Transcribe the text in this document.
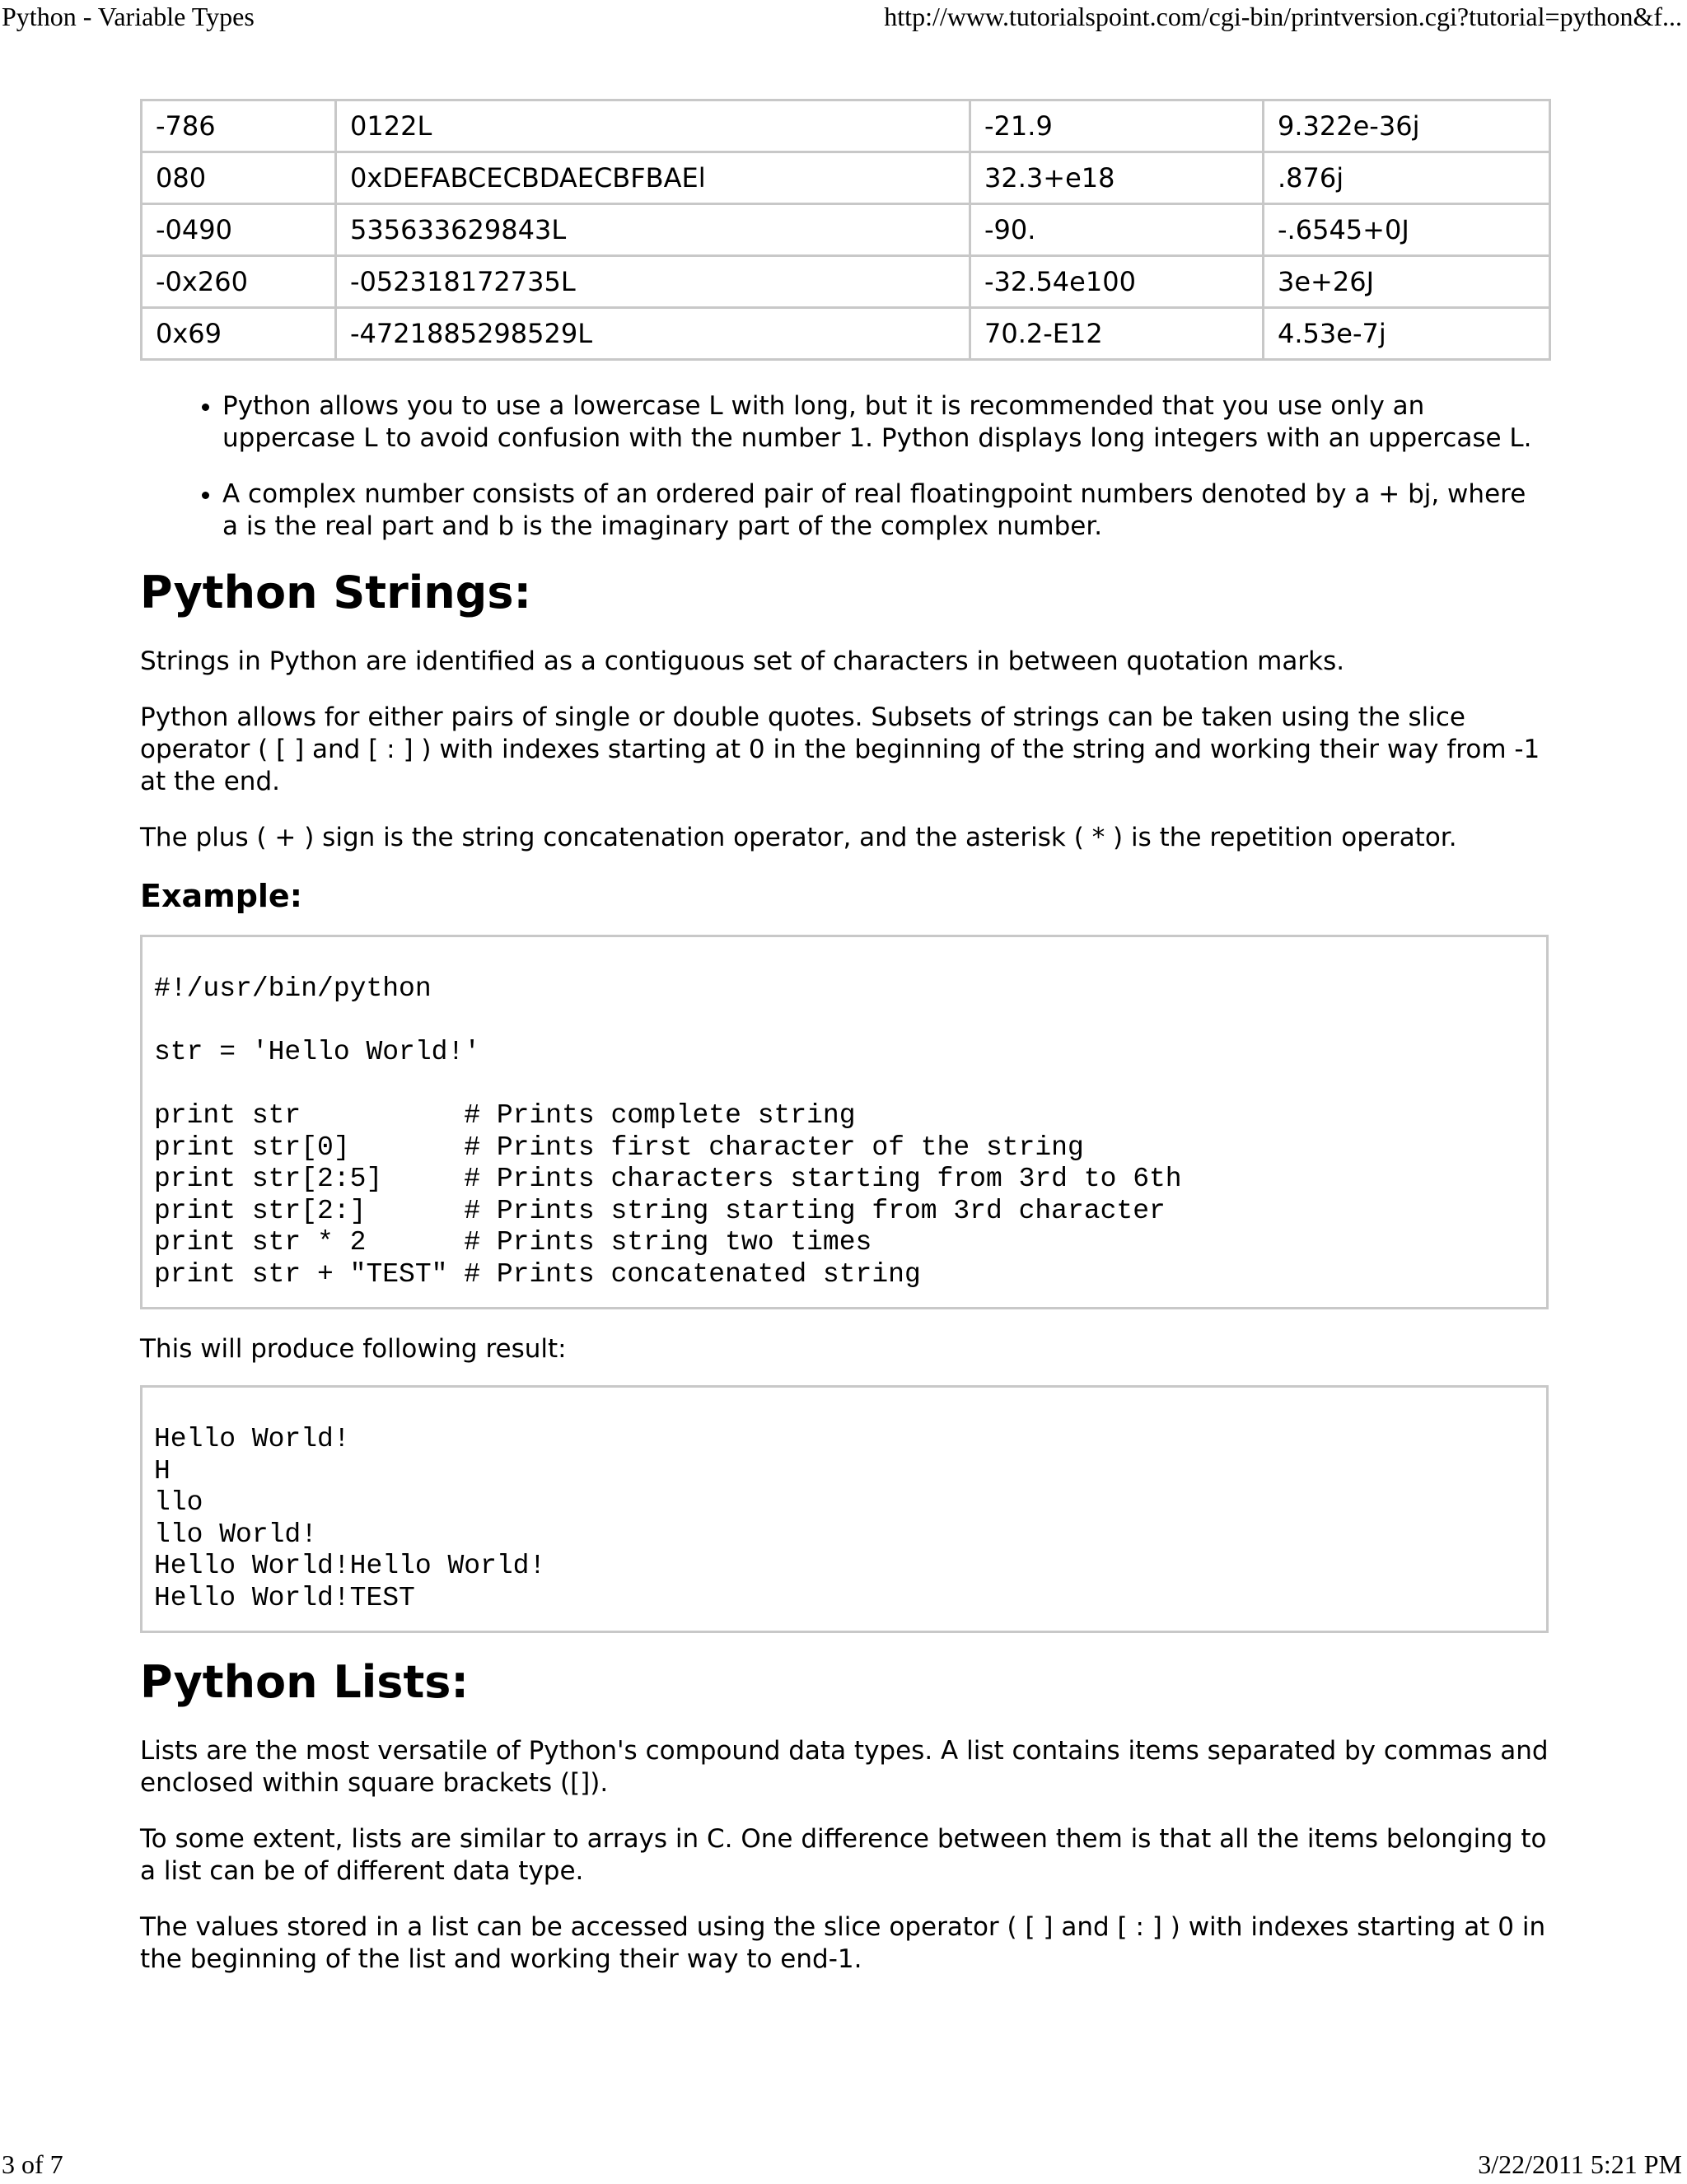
Python - Variable Types	http://www.tutorialspoint.com/cgi-bin/printversion.cgi?tutorial=python&f...
-786	0122L	-21.9	9.322e-36j
080	0xDEFABCECBDAECBFBAEl	32.3+e18	.876j
-0490	535633629843L	-90.	-.6545+0J
-0x260	-052318172735L	-32.54e100	3e+26J
0x69	-4721885298529L	70.2-E12	4.53e-7j
• Python allows you to use a lowercase L with long, but it is recommended that you use only an uppercase L to avoid confusion with the number 1. Python displays long integers with an uppercase L.
• A complex number consists of an ordered pair of real floatingpoint numbers denoted by a + bj, where a is the real part and b is the imaginary part of the complex number.
Python Strings:

Strings in Python are identified as a contiguous set of characters in between quotation marks.

Python allows for either pairs of single or double quotes. Subsets of strings can be taken using the slice operator ( [ ] and [ : ] ) with indexes starting at 0 in the beginning of the string and working their way from -1 at the end.

The plus ( + ) sign is the string concatenation operator, and the asterisk ( * ) is the repetition operator.

Example:
#!/usr/bin/python
str = 'Hello World!'
print str          # Prints complete string
print str[0]       # Prints first character of the string
print str[2:5]     # Prints characters starting from 3rd to 6th
print str[2:]      # Prints string starting from 3rd character
print str * 2      # Prints string two times
print str + "TEST" # Prints concatenated string

This will produce following result:

Hello World!
H
llo
llo World!
Hello World!Hello World!
Hello World!TEST
Python Lists:

Lists are the most versatile of Python's compound data types. A list contains items separated by commas and enclosed within square brackets ([]).

To some extent, lists are similar to arrays in C. One difference between them is that all the items belonging to a list can be of different data type.

The values stored in a list can be accessed using the slice operator ( [ ] and [ : ] ) with indexes starting at 0 in the beginning of the list and working their way to end-1.

3 of 7	3/22/2011 5:21 PM
